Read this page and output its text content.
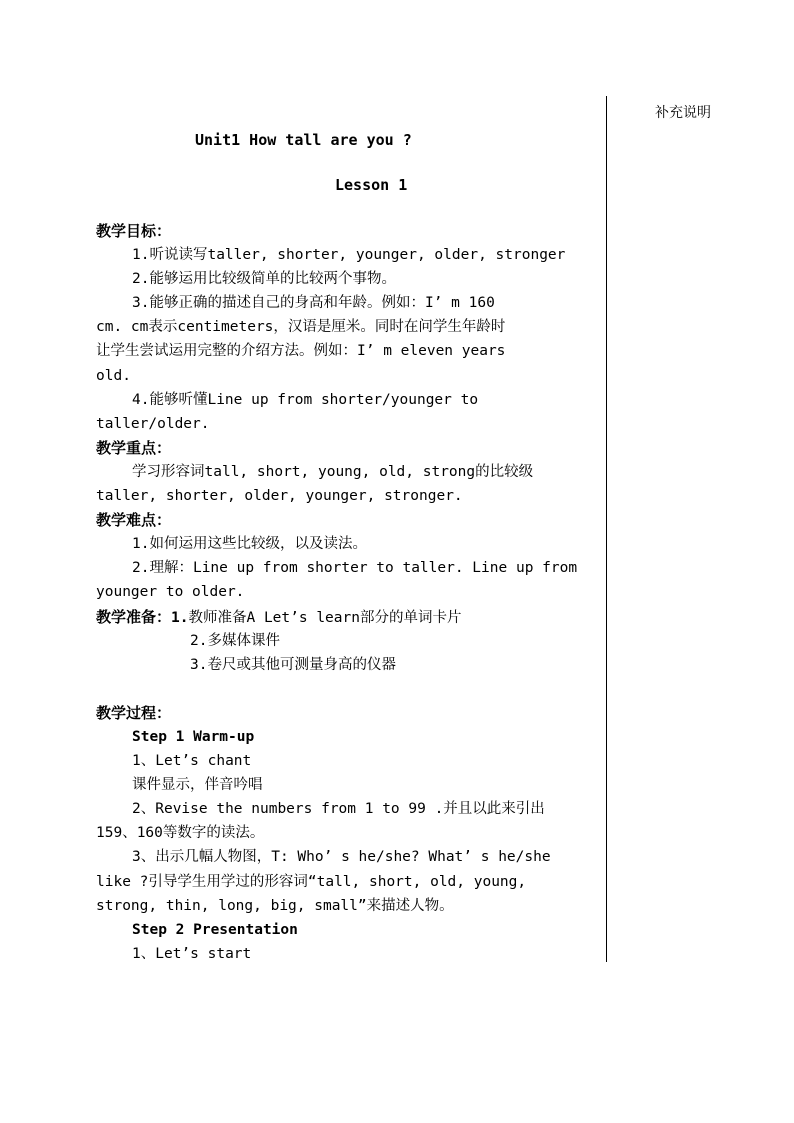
补充说明
Unit1 How tall are you ?
Lesson 1
教学目标：
1.听说读写taller, shorter, younger, older, stronger
2.能够运用比较级简单的比较两个事物。
3.能够正确的描述自己的身高和年龄。例如：I’ m 160
cm. cm表示centimeters，汉语是厘米。同时在问学生年龄时
让学生尝试运用完整的介绍方法。例如：I’ m eleven years
old.
4.能够听懂Line up from shorter/younger to
taller/older.
教学重点：
学习形容词tall, short, young, old, strong的比较级
taller, shorter, older, younger, stronger.
教学难点：
1.如何运用这些比较级，以及读法。
2.理解：Line up from shorter to taller. Line up from
younger to older.
教学准备：1.教师准备A Let’s learn部分的单词卡片
2.多媒体课件
3.卷尺或其他可测量身高的仪器
教学过程：
Step 1 Warm-up
1、Let’s chant
课件显示，伴音吟唱
2、Revise the numbers from 1 to 99 .并且以此来引出
159、160等数字的读法。
3、出示几幅人物图，T: Who’ s he/she? What’ s he/she
like ?引导学生用学过的形容词“tall, short, old, young,
strong, thin, long, big, small”来描述人物。
Step 2 Presentation
1、Let’s start
